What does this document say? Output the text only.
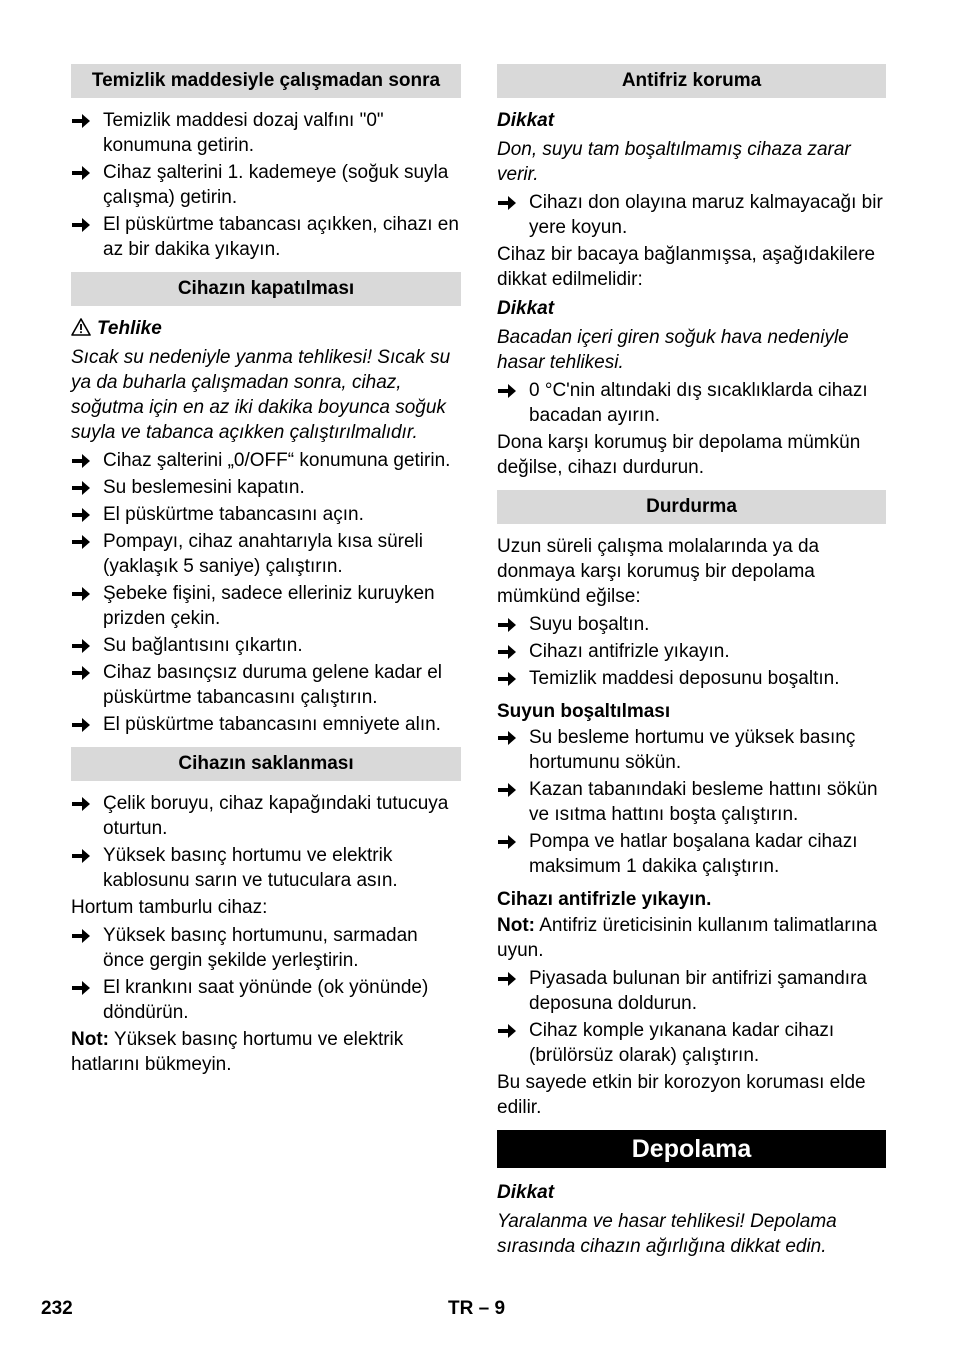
Temizlik maddesiyle çalışmadan sonra
Temizlik maddesi dozaj valfını "0" konumuna getirin.
Cihaz şalterini 1. kademeye (soğuk suyla çalışma) getirin.
El püskürtme tabancası açıkken, cihazı en az bir dakika yıkayın.
Cihazın kapatılması
Tehlike
Sıcak su nedeniyle yanma tehlikesi! Sıcak su ya da buharla çalışmadan sonra, cihaz, soğutma için en az iki dakika boyunca soğuk suyla ve tabanca açıkken çalıştırılmalıdır.
Cihaz şalterini „0/OFF“ konumuna getirin.
Su beslemesini kapatın.
El püskürtme tabancasını açın.
Pompayı, cihaz anahtarıyla kısa süreli (yaklaşık 5 saniye) çalıştırın.
Şebeke fişini, sadece elleriniz kuruyken prizden çekin.
Su bağlantısını çıkartın.
Cihaz basınçsız duruma gelene kadar el püskürtme tabancasını çalıştırın.
El püskürtme tabancasını emniyete alın.
Cihazın saklanması
Çelik boruyu, cihaz kapağındaki tutucuya oturtun.
Yüksek basınç hortumu ve elektrik kablosunu sarın ve tutuculara asın.
Hortum tamburlu cihaz:
Yüksek basınç hortumunu, sarmadan önce gergin şekilde yerleştirin.
El krankını saat yönünde (ok yönünde) döndürün.
Not: Yüksek basınç hortumu ve elektrik hatlarını bükmeyin.
Antifriz koruma
Dikkat
Don, suyu tam boşaltılmamış cihaza zarar verir.
Cihazı don olayına maruz kalmayacağı bir yere koyun.
Cihaz bir bacaya bağlanmışsa, aşağıdakilere dikkat edilmelidir:
Dikkat
Bacadan içeri giren soğuk hava nedeniyle hasar tehlikesi.
0 °C'nin altındaki dış sıcaklıklarda cihazı bacadan ayırın.
Dona karşı korumuş bir depolama mümkün değilse, cihazı durdurun.
Durdurma
Uzun süreli çalışma molalarında ya da donmaya karşı korumuş bir depolama mümkünd eğilse:
Suyu boşaltın.
Cihazı antifrizle yıkayın.
Temizlik maddesi deposunu boşaltın.
Suyun boşaltılması
Su besleme hortumu ve yüksek basınç hortumunu sökün.
Kazan tabanındaki besleme hattını sökün ve ısıtma hattını boşta çalıştırın.
Pompa ve hatlar boşalana kadar cihazı maksimum 1 dakika çalıştırın.
Cihazı antifrizle yıkayın.
Not: Antifriz üreticisinin kullanım talimatlarına uyun.
Piyasada bulunan bir antifrizi şamandıra deposuna doldurun.
Cihaz komple yıkanana kadar cihazı (brülörsüz olarak) çalıştırın.
Bu sayede etkin bir korozyon koruması elde edilir.
Depolama
Dikkat
Yaralanma ve hasar tehlikesi! Depolama sırasında cihazın ağırlığına dikkat edin.
232	TR – 9
